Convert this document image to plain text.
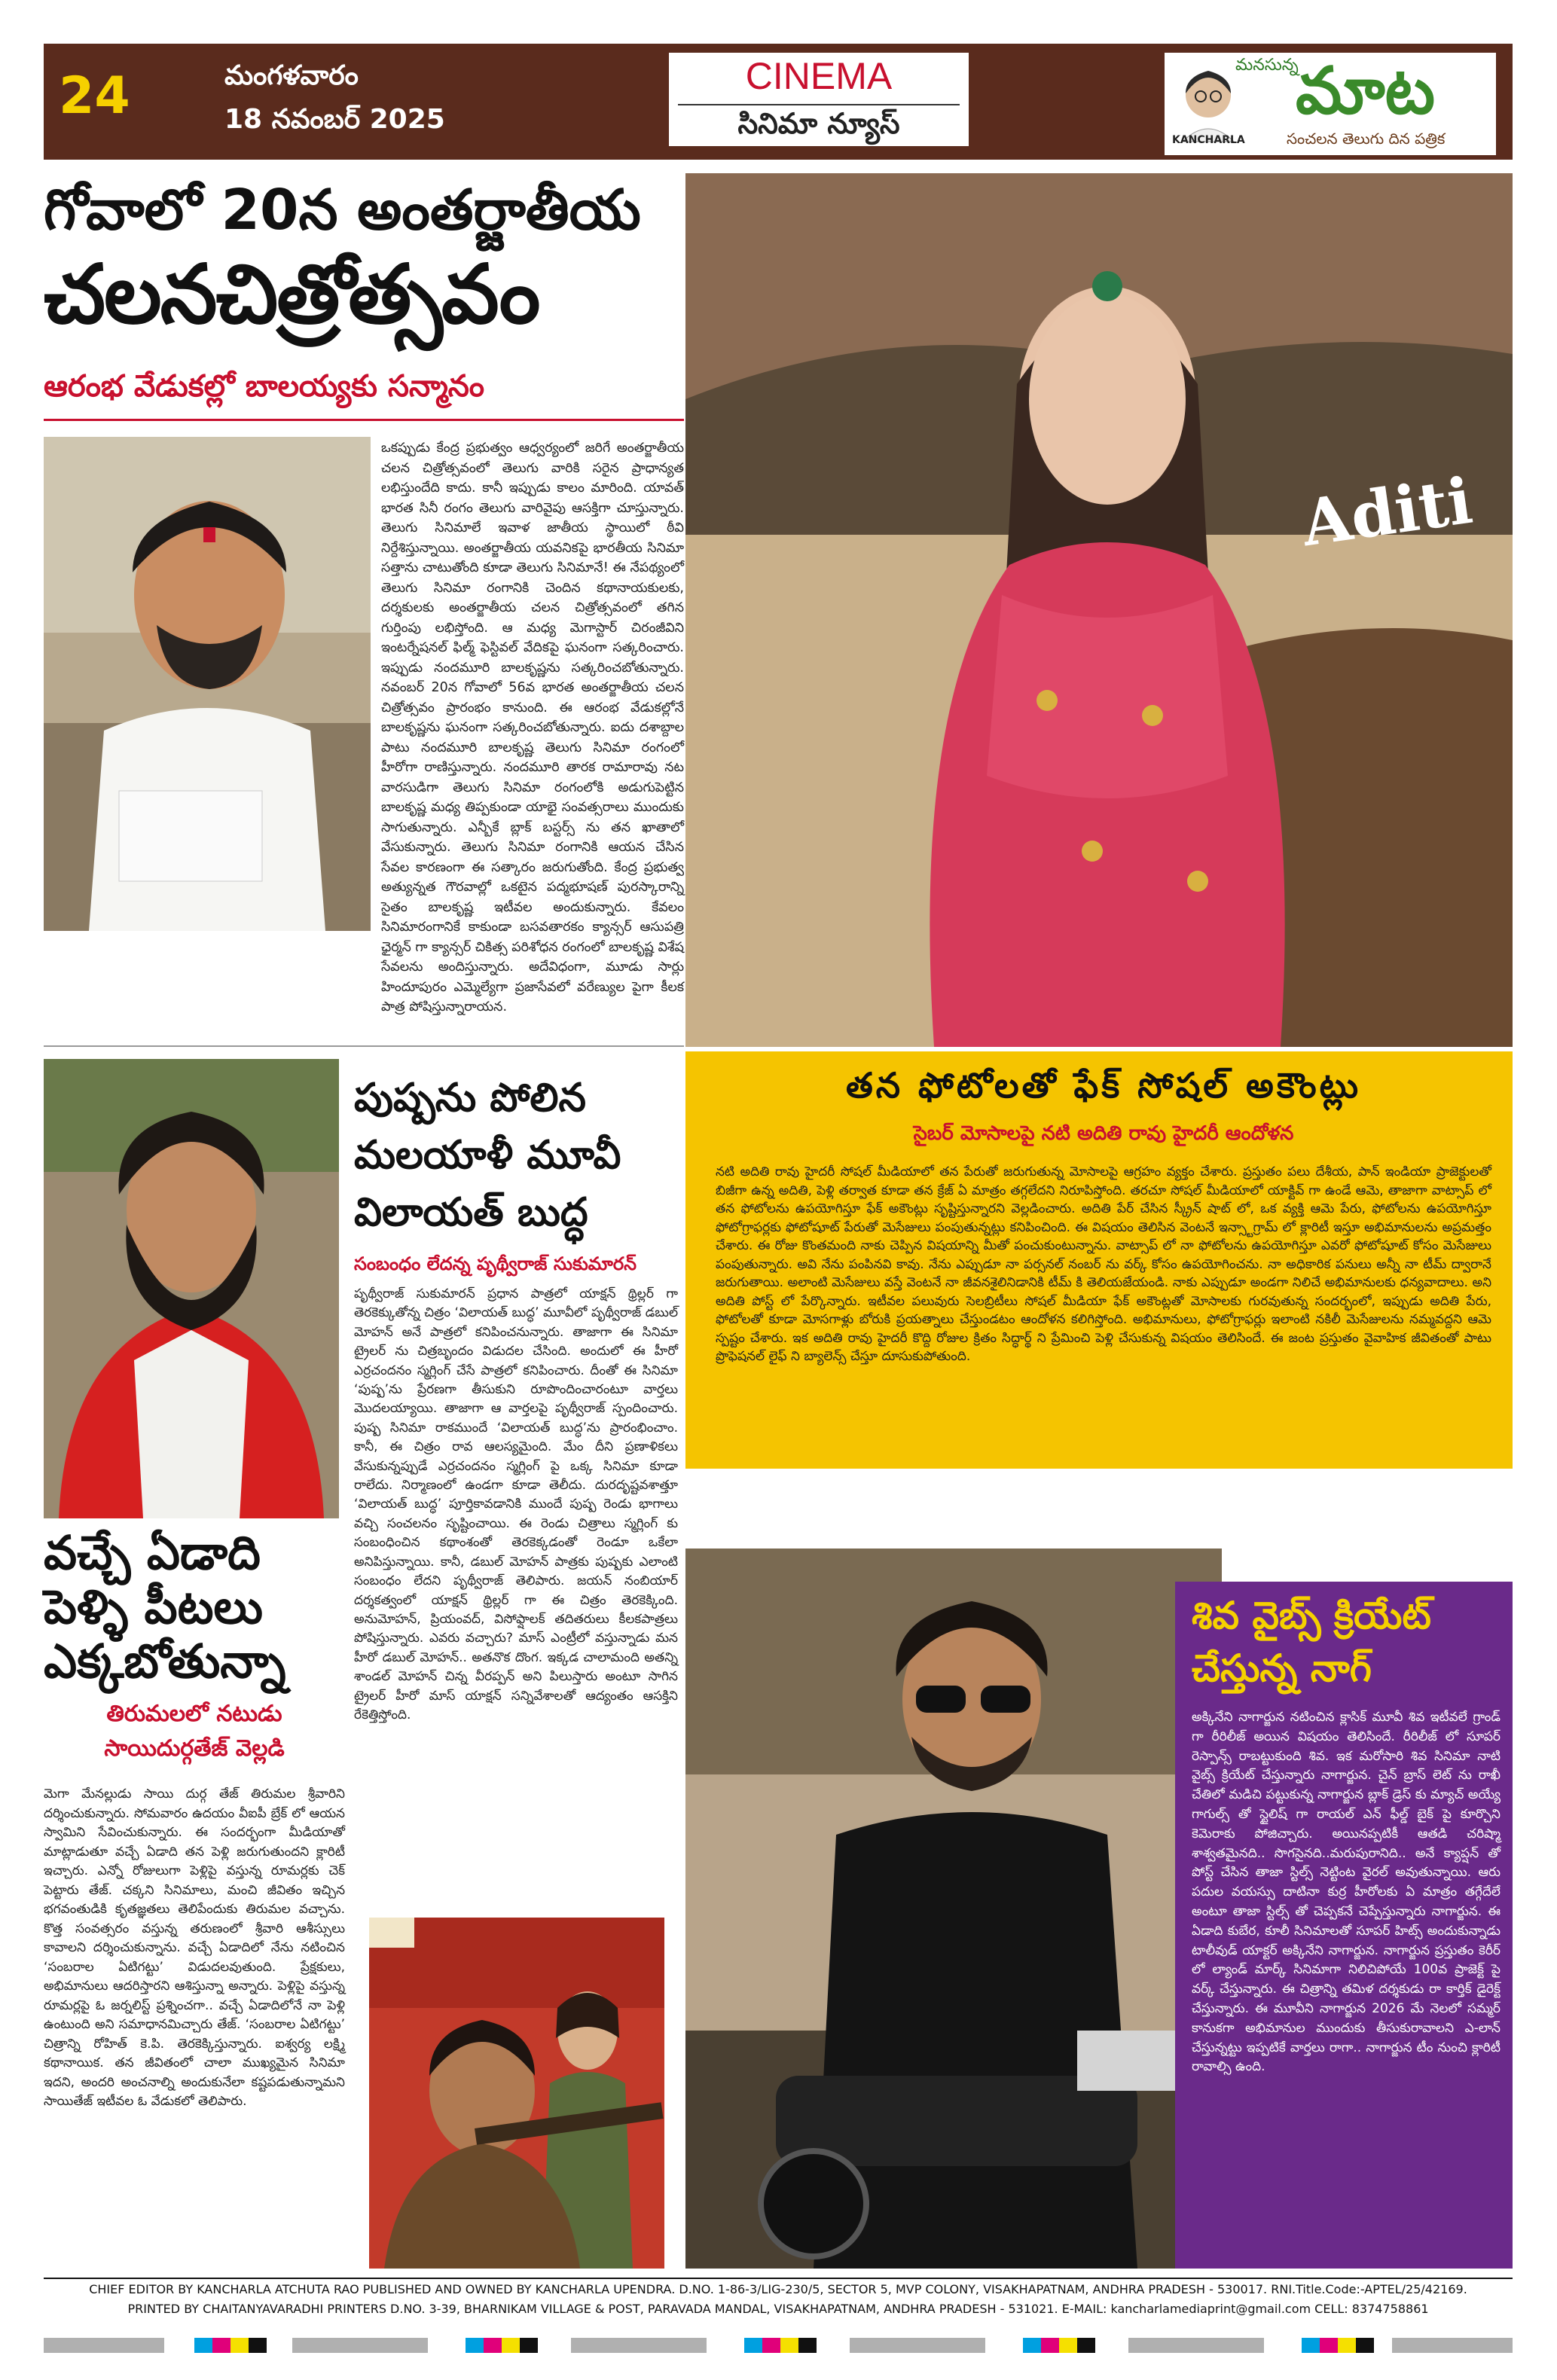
24	మంగళవారం
18 నవంబర్ 2025
CINEMA
సినిమా న్యూస్
మనసున్న
మాట
KANCHARLA	సంచలన తెలుగు దిన పత్రిక
గోవాలో 20న అంతర్జాతీయ
చలనచిత్రోత్సవం
ఆరంభ వేడుకల్లో బాలయ్యకు సన్మానం
ఒకప్పుడు కేంద్ర ప్రభుత్వం ఆధ్వర్యంలో జరిగే అంతర్జాతీయ చలన చిత్రోత్సవంలో తెలుగు వారికి సరైన ప్రాధాన్యత లభిస్తుందేది కాదు. కానీ ఇప్పుడు కాలం మారింది. యావత్ భారత సినీ రంగం తెలుగు వారివైపు ఆసక్తిగా చూస్తున్నారు. తెలుగు సినిమాలే ఇవాళ జాతీయ స్థాయిలో ఠీవి నిర్దేశిస్తున్నాయి. అంతర్జాతీయ యవనికపై భారతీయ సినిమా సత్తాను చాటుతోంది కూడా తెలుగు సినిమానే! ఈ నేపథ్యంలో తెలుగు సినిమా రంగానికి చెందిన కథానాయకులకు, దర్శకులకు అంతర్జాతీయ చలన చిత్రోత్సవంలో తగిన గుర్తింపు లభిస్తోంది. ఆ మధ్య మెగాస్టార్ చిరంజీవిని ఇంటర్నేషనల్ ఫిల్మ్ ఫెస్టివల్ వేదికపై ఘనంగా సత్కరించారు. ఇప్పుడు నందమూరి బాలకృష్ణను సత్కరించబోతున్నారు. నవంబర్ 20న గోవాలో 56వ భారత అంతర్జాతీయ చలన చిత్రోత్సవం ప్రారంభం కానుంది. ఈ ఆరంభ వేడుకల్లోనే బాలకృష్ణను ఘనంగా సత్కరించబోతున్నారు. ఐదు దశాబ్దాల పాటు నందమూరి బాలకృష్ణ తెలుగు సినిమా రంగంలో హీరోగా రాణిస్తున్నారు. నందమూరి తారక రామారావు నట వారసుడిగా తెలుగు సినిమా రంగంలోకి అడుగుపెట్టిన బాలకృష్ణ మధ్య తిప్పకుండా యాభై సంవత్సరాలు ముందుకు సాగుతున్నారు. ఎన్బీకే బ్లాక్ బస్టర్స్ ను తన ఖాతాలో వేసుకున్నారు. తెలుగు సినిమా రంగానికి ఆయన చేసిన సేవల కారణంగా ఈ సత్కారం జరుగుతోంది. కేంద్ర ప్రభుత్వ అత్యున్నత గౌరవాల్లో ఒకటైన పద్మభూషణ్ పురస్కారాన్ని సైతం బాలకృష్ణ ఇటీవల అందుకున్నారు. కేవలం సినిమారంగానికే కాకుండా బసవతారకం క్యాన్సర్ ఆసుపత్రి ఛైర్మన్ గా క్యాన్సర్ చికిత్స పరిశోధన రంగంలో బాలకృష్ణ విశేష సేవలను అందిస్తున్నారు. అదేవిధంగా, మూడు సార్లు హిందూపురం ఎమ్మెల్యేగా ప్రజాసేవలో వరేణ్యుల పైగా కీలక పాత్ర పోషిస్తున్నారాయన.
Aditi
తన ఫోటోలతో ఫేక్ సోషల్ అకౌంట్లు
సైబర్ మోసాలపై నటి అదితి రావు హైదరీ ఆందోళన
నటి అదితి రావు హైదరీ సోషల్ మీడియాలో తన పేరుతో జరుగుతున్న మోసాలపై ఆగ్రహం వ్యక్తం చేశారు. ప్రస్తుతం పలు దేశీయ, పాన్ ఇండియా ప్రాజెక్టులతో బిజీగా ఉన్న అదితి, పెళ్లి తర్వాత కూడా తన క్రేజ్ ఏ మాత్రం తగ్గలేదని నిరూపిస్తోంది. తరచూ సోషల్ మీడియాలో యాక్టివ్ గా ఉండే ఆమె, తాజాగా వాట్సాప్ లో తన ఫోటోలను ఉపయోగిస్తూ ఫేక్ అకౌంట్లు సృష్టిస్తున్నారని వెల్లడించారు. అదితి పేర్ చేసిన స్క్రీన్ షాట్ లో, ఒక వ్యక్తి ఆమె పేరు, ఫోటోలను ఉపయోగిస్తూ ఫోటోగ్రాఫర్లకు ఫోటోషూట్ పేరుతో మెసేజులు పంపుతున్నట్లు కనిపించింది. ఈ విషయం తెలిసిన వెంటనే ఇన్స్టాగ్రామ్ లో క్లారిటీ ఇస్తూ అభిమానులను అప్రమత్తం చేశారు. ఈ రోజు కొంతమంది నాకు చెప్పిన విషయాన్ని మీతో పంచుకుంటున్నాను. వాట్సాప్ లో నా ఫోటోలను ఉపయోగిస్తూ ఎవరో ఫోటోషూట్ కోసం మెసేజులు పంపుతున్నారు. అవి నేను పంపినవి కావు. నేను ఎప్పుడూ నా పర్సనల్ నంబర్ ను వర్క్ కోసం ఉపయోగించను. నా అధికారిక పనులు అన్నీ నా టీమ్ ద్వారానే జరుగుతాయి. అలాంటి మెసేజులు వస్తే వెంటనే నా జీవనశైలినిడానికి టీమ్ కి తెలియజేయండి. నాకు ఎప్పుడూ అండగా నిలిచే అభిమానులకు ధన్యవాదాలు. అని అదితి పోస్ట్ లో పేర్కొన్నారు. ఇటీవల పలువురు సెలబ్రిటీలు సోషల్ మీడియా ఫేక్ అకౌంట్లతో మోసాలకు గురవుతున్న సందర్భంలో, ఇప్పుడు అదితి పేరు, ఫోటోలతో కూడా మోసగాళ్లు బోరుకి ప్రయత్నాలు చేస్తుండటం ఆందోళన కలిగిస్తోంది. అభిమానులు, ఫోటోగ్రాఫర్లు ఇలాంటి నకిలీ మెసేజులను నమ్మవద్దని ఆమె స్పష్టం చేశారు. ఇక అదితి రావు హైదరీ కొద్ది రోజుల క్రితం సిద్ధార్థ్ ని ప్రేమించి పెళ్లి చేసుకున్న విషయం తెలిసిందే. ఈ జంట ప్రస్తుతం వైవాహిక జీవితంతో పాటు ప్రొఫెషనల్ లైఫ్ ని బ్యాలెన్స్ చేస్తూ దూసుకుపోతుంది.
వచ్చే ఏడాది పెళ్ళి పీటలు ఎక్కబోతున్నా
తిరుమలలో నటుడు
సాయిదుర్గతేజ్ వెల్లడి
మెగా మేనల్లుడు సాయి దుర్గ తేజ్ తిరుమల శ్రీవారిని దర్శించుకున్నారు. సోమవారం ఉదయం వీఐపీ బ్రేక్ లో ఆయన స్వామిని సేవించుకున్నారు. ఈ సందర్భంగా మీడియాతో మాట్లాడుతూ వచ్చే ఏడాది తన పెళ్లి జరుగుతుందని క్లారిటీ ఇచ్చారు. ఎన్నో రోజులుగా పెళ్లిపై వస్తున్న రూమర్లకు చెక్ పెట్టారు తేజ్. చక్కని సినిమాలు, మంచి జీవితం ఇచ్చిన భగవంతుడికి కృతజ్ఞతలు తెలిపేందుకు తిరుమల వచ్చాను. కొత్త సంవత్సరం వస్తున్న తరుణంలో శ్రీవారి ఆశీస్సులు కావాలని దర్శించుకున్నాను. వచ్చే ఏడాదిలో నేను నటించిన ‘సంబరాల ఏటిగట్టు’ విడుదలవుతుంది. ప్రేక్షకులు, అభిమానులు ఆదరిస్తారని ఆశిస్తున్నా అన్నారు. పెళ్లిపై వస్తున్న రూమర్లపై ఓ జర్నలిస్ట్ ప్రశ్నించగా.. వచ్చే ఏడాదిలోనే నా పెళ్లి ఉంటుంది అని సమాధానమిచ్చారు తేజ్. ‘సంబరాల ఏటిగట్టు’ చిత్రాన్ని రోహిత్ కె.పి. తెరకెక్కిస్తున్నారు. ఐశ్వర్య లక్ష్మి కథానాయిక. తన జీవితంలో చాలా ముఖ్యమైన సినిమా ఇదని, అందరి అంచనాల్ని అందుకునేలా కష్టపడుతున్నామని సాయితేజ్ ఇటీవల ఓ వేడుకలో తెలిపారు.
పుష్పను పోలిన మలయాళీ మూవీ విలాయత్ బుద్ధ
సంబంధం లేదన్న పృథ్వీరాజ్ సుకుమారన్
పృథ్వీరాజ్ సుకుమారన్ ప్రధాన పాత్రలో యాక్షన్ థ్రిల్లర్ గా తెరకెక్కుతోన్న చిత్రం ‘విలాయత్ బుద్ధ’ మూవీలో పృథ్వీరాజ్ డబుల్ మోహన్ అనే పాత్రలో కనిపించనున్నారు. తాజాగా ఈ సినిమా ట్రైలర్ ను చిత్రబృందం విడుదల చేసింది. అందులో ఈ హీరో ఎర్రచందనం స్మగ్లింగ్ చేసే పాత్రలో కనిపించారు. దీంతో ఈ సినిమా ‘పుష్ప’ను ప్రేరణగా తీసుకుని రూపొందించారంటూ వార్తలు మొదలయ్యాయి. తాజాగా ఆ వార్తలపై పృథ్వీరాజ్ స్పందించారు. పుష్ప సినిమా రాకముందే ‘విలాయత్ బుద్ధ’ను ప్రారంభించాం. కానీ, ఈ చిత్రం రావ ఆలస్యమైంది. మేం దీని ప్రణాళికలు వేసుకున్నప్పుడే ఎర్రచందనం స్మగ్లింగ్ పై ఒక్క సినిమా కూడా రాలేదు. నిర్మాణంలో ఉండగా కూడా తెలీదు. దురదృష్టవశాత్తూ ‘విలాయత్ బుద్ధ’ పూర్తికావడానికి ముందే పుష్ప రెండు భాగాలు వచ్చి సంచలనం సృష్టించాయి. ఈ రెండు చిత్రాలు స్మగ్లింగ్ కు సంబంధించిన కథాంశంతో తెరకెక్కడంతో రెండూ ఒకేలా అనిపిస్తున్నాయి. కానీ, డబుల్ మోహన్ పాత్రకు పుష్పకు ఎలాంటి సంబంధం లేదని పృథ్వీరాజ్ తెలిపారు. జయన్ నంబియార్ దర్శకత్వంలో యాక్షన్ థ్రిల్లర్ గా ఈ చిత్రం తెరకెక్కింది. అనుమోహన్, ప్రియంవద్, విసోఫ్షాలక్ తదితరులు కీలకపాత్రలు పోషిస్తున్నారు. ఎవరు వచ్చారు? మాస్ ఎంట్రీలో వస్తున్నాడు మన హీరో డబుల్ మోహన్.. అతనొక దొంగ. ఇక్కడ చాలామంది అతన్ని శాండల్ మోహన్ చిన్న వీరప్పన్ అని పిలుస్తారు అంటూ సాగిన ట్రైలర్ హీరో మాస్ యాక్షన్ సన్నివేశాలతో ఆద్యంతం ఆసక్తిని రేకెత్తిస్తోంది.
శివ వైబ్స్ క్రియేట్ చేస్తున్న నాగ్
అక్కినేని నాగార్జున నటించిన క్లాసిక్ మూవీ శివ ఇటీవలే గ్రాండ్ గా రీరిలీజ్ అయిన విషయం తెలిసిందే. రీరిలీజ్ లో సూపర్ రెస్పాన్స్ రాబట్టుకుంది శివ. ఇక మరోసారి శివ సినిమా నాటి వైబ్స్ క్రియేట్ చేస్తున్నారు నాగార్జున. చైన్ బ్రాస్ లెట్ ను రాఖీ చేతిలో మడిచి పట్టుకున్న నాగార్జున బ్లాక్ డ్రెస్ కు మ్యాచ్ అయ్యే గాగుల్స్ తో స్టైలిష్ గా రాయల్ ఎన్ ఫీల్డ్ బైక్ పై కూర్చొని కెమెరాకు పోజిచ్చారు. అయినప్పటికీ ఆతడి చరిష్మా శాశ్వతమైనది.. సొగసైనది..మరుపురానిది.. అనే క్యాప్షన్ తో పోస్ట్ చేసిన తాజా స్టిల్స్ నెట్టింట వైరల్ అవుతున్నాయి. ఆరు పదుల వయస్సు దాటినా కుర్ర హీరోలకు ఏ మాత్రం తగ్గేదేలే అంటూ తాజా స్టిల్స్ తో చెప్పకనే చెప్పేస్తున్నారు నాగార్జున. ఈ ఏడాది కుబేర, కూలీ సినిమాలతో సూపర్ హిట్స్ అందుకున్నాడు టాలీవుడ్ యాక్టర్ అక్కినేని నాగార్జున. నాగార్జున ప్రస్తుతం కెరీర్ లో ల్యాండ్ మార్క్ సినిమాగా నిలిచిపోయే 100వ ప్రాజెక్ట్ పై వర్క్ చేస్తున్నారు. ఈ చిత్రాన్ని తమిళ దర్శకుడు రా కార్తిక్ డైరెక్ట్ చేస్తున్నారు. ఈ మూవీని నాగార్జున 2026 మే నెలలో సమ్మర్ కానుకగా అభిమానుల ముందుకు తీసుకురావాలని ఎ-లాన్ చేస్తున్నట్టు ఇప్పటికే వార్తలు రాగా.. నాగార్జున టీం నుంచి క్లారిటీ రావాల్సి ఉంది.
CHIEF EDITOR BY KANCHARLA ATCHUTA RAO PUBLISHED AND OWNED BY KANCHARLA UPENDRA. D.NO. 1-86-3/LIG-230/5, SECTOR 5, MVP COLONY, VISAKHAPATNAM, ANDHRA PRADESH - 530017. RNI.Title.Code:-APTEL/25/42169.
PRINTED BY CHAITANYAVARADHI PRINTERS D.NO. 3-39, BHARNIKAM VILLAGE & POST, PARAVADA MANDAL, VISAKHAPATNAM, ANDHRA PRADESH - 531021. E-MAIL: kancharlamediaprint@gmail.com CELL: 8374758861
